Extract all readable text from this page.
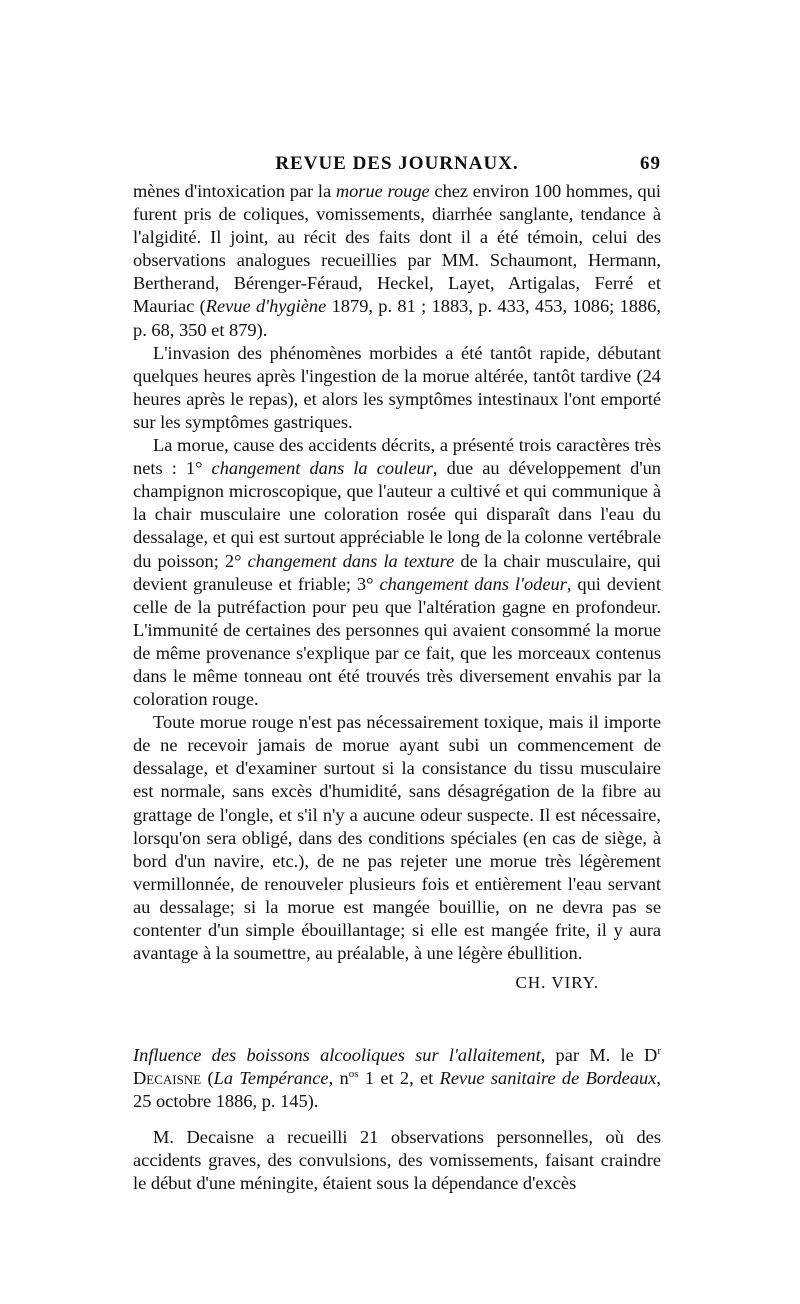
REVUE DES JOURNAUX.	69

mènes d'intoxication par la morue rouge chez environ 100 hommes, qui furent pris de coliques, vomissements, diarrhée sanglante, tendance à l'algidité. Il joint, au récit des faits dont il a été témoin, celui des observations analogues recueillies par MM. Schaumont, Hermann, Bertherand, Bérenger-Féraud, Heckel, Layet, Artigalas, Ferré et Mauriac (Revue d'hygiène 1879, p. 81 ; 1883, p. 433, 453, 1086; 1886, p. 68, 350 et 879).

L'invasion des phénomènes morbides a été tantôt rapide, débutant quelques heures après l'ingestion de la morue altérée, tantôt tardive (24 heures après le repas), et alors les symptômes intestinaux l'ont emporté sur les symptômes gastriques.

La morue, cause des accidents décrits, a présenté trois caractères très nets : 1° changement dans la couleur, due au développement d'un champignon microscopique, que l'auteur a cultivé et qui communique à la chair musculaire une coloration rosée qui disparaît dans l'eau du dessalage, et qui est surtout appréciable le long de la colonne vertébrale du poisson; 2° changement dans la texture de la chair musculaire, qui devient granuleuse et friable; 3° changement dans l'odeur, qui devient celle de la putréfaction pour peu que l'altération gagne en profondeur. L'immunité de certaines des personnes qui avaient consommé la morue de même provenance s'explique par ce fait, que les morceaux contenus dans le même tonneau ont été trouvés très diversement envahis par la coloration rouge.

Toute morue rouge n'est pas nécessairement toxique, mais il importe de ne recevoir jamais de morue ayant subi un commencement de dessalage, et d'examiner surtout si la consistance du tissu musculaire est normale, sans excès d'humidité, sans désagrégation de la fibre au grattage de l'ongle, et s'il n'y a aucune odeur suspecte. Il est nécessaire, lorsqu'on sera obligé, dans des conditions spéciales (en cas de siège, à bord d'un navire, etc.), de ne pas rejeter une morue très légèrement vermillonnée, de renouveler plusieurs fois et entièrement l'eau servant au dessalage; si la morue est mangée bouillie, on ne devra pas se contenter d'un simple ébouillantage; si elle est mangée frite, il y aura avantage à la soumettre, au préalable, à une légère ébullition.

CH. VIRY.

Influence des boissons alcooliques sur l'allaitement, par M. le $D^r$ Decaisne (La Tempérance, $n^{os}$ 1 et 2, et Revue sanitaire de Bordeaux, 25 octobre 1886, p. 145).

M. Decaisne a recueilli 21 observations personnelles, où des accidents graves, des convulsions, des vomissements, faisant craindre le début d'une méningite, étaient sous la dépendance d'excès
